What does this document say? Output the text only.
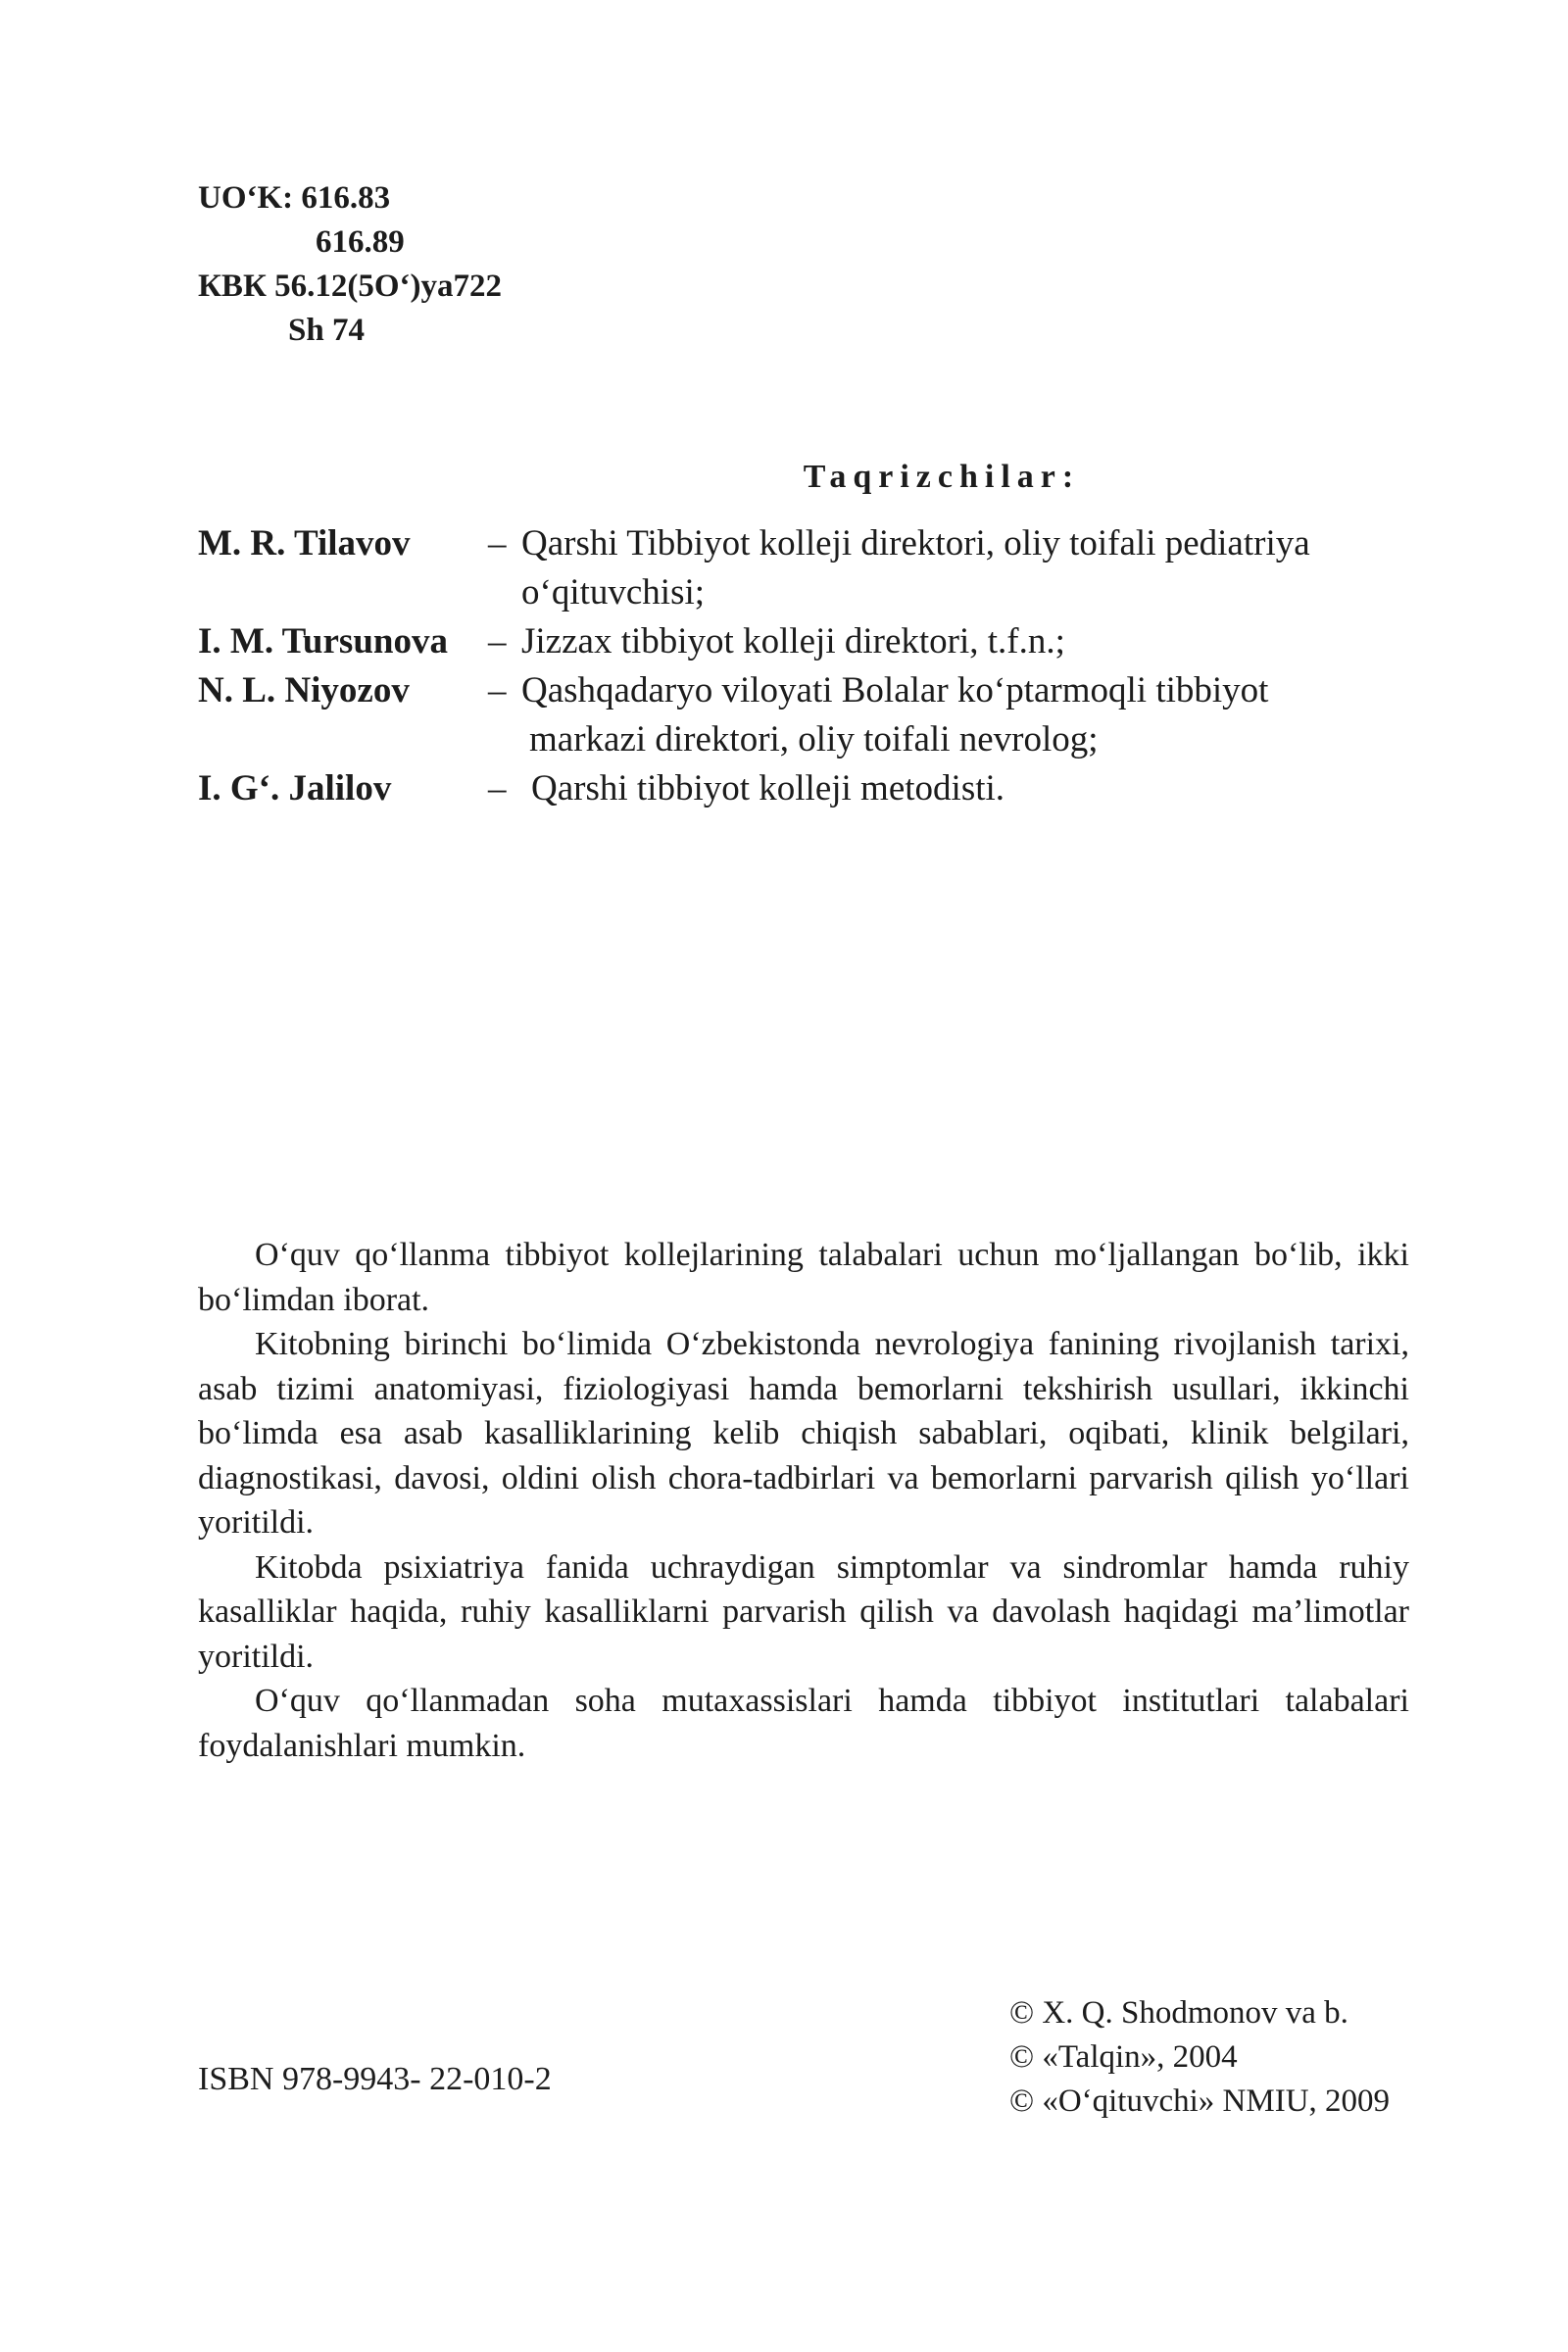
UO‘K: 616.83
616.89
КВК 56.12(5O‘)ya722
Sh 74
Taqrizchilar:
M. R. Tilavov – Qarshi Tibbiyot kolleji direktori, oliy toifali pediatriya
o‘qituvchisi;
I. M. Tursunova – Jizzax tibbiyot kolleji direktori, t.f.n.;
N. L. Niyozov – Qashqadaryo viloyati Bolalar ko‘ptarmoqli tibbiyot
markazi direktori, oliy toifali nevrolog;
I. G‘. Jalilov	– Qarshi tibbiyot kolleji metodisti.

O‘quv qo‘llanma tibbiyot kollejlarining talabalari uchun mo‘ljallangan bo‘lib, ikki bo‘limdan iborat.

Kitobning birinchi bo‘limida O‘zbekistonda nevrologiya fanining rivojlanish tarixi, asab tizimi anatomiyasi, fiziologiyasi hamda bemorlarni tekshirish usullari, ikkinchi bo‘limda esa asab kasalliklarining kelib chiqish sabablari, oqibati, klinik belgilari, diagnostikasi, davosi, oldini olish chora-tadbirlari va bemorlarni parvarish qilish yo‘llari yoritildi.

Kitobda psixiatriya fanida uchraydigan simptomlar va sindromlar hamda ruhiy kasalliklar haqida, ruhiy kasalliklarni parvarish qilish va davolash haqidagi ma’limotlar yoritildi.

O‘quv qo‘llanmadan soha mutaxassislari hamda tibbiyot institutlari talabalari foydalanishlari mumkin.

ISBN 978-9943- 22-010-2
© X. Q. Shodmonov va b.
© «Talqin», 2004
© «O‘qituvchi» NMIU, 2009
